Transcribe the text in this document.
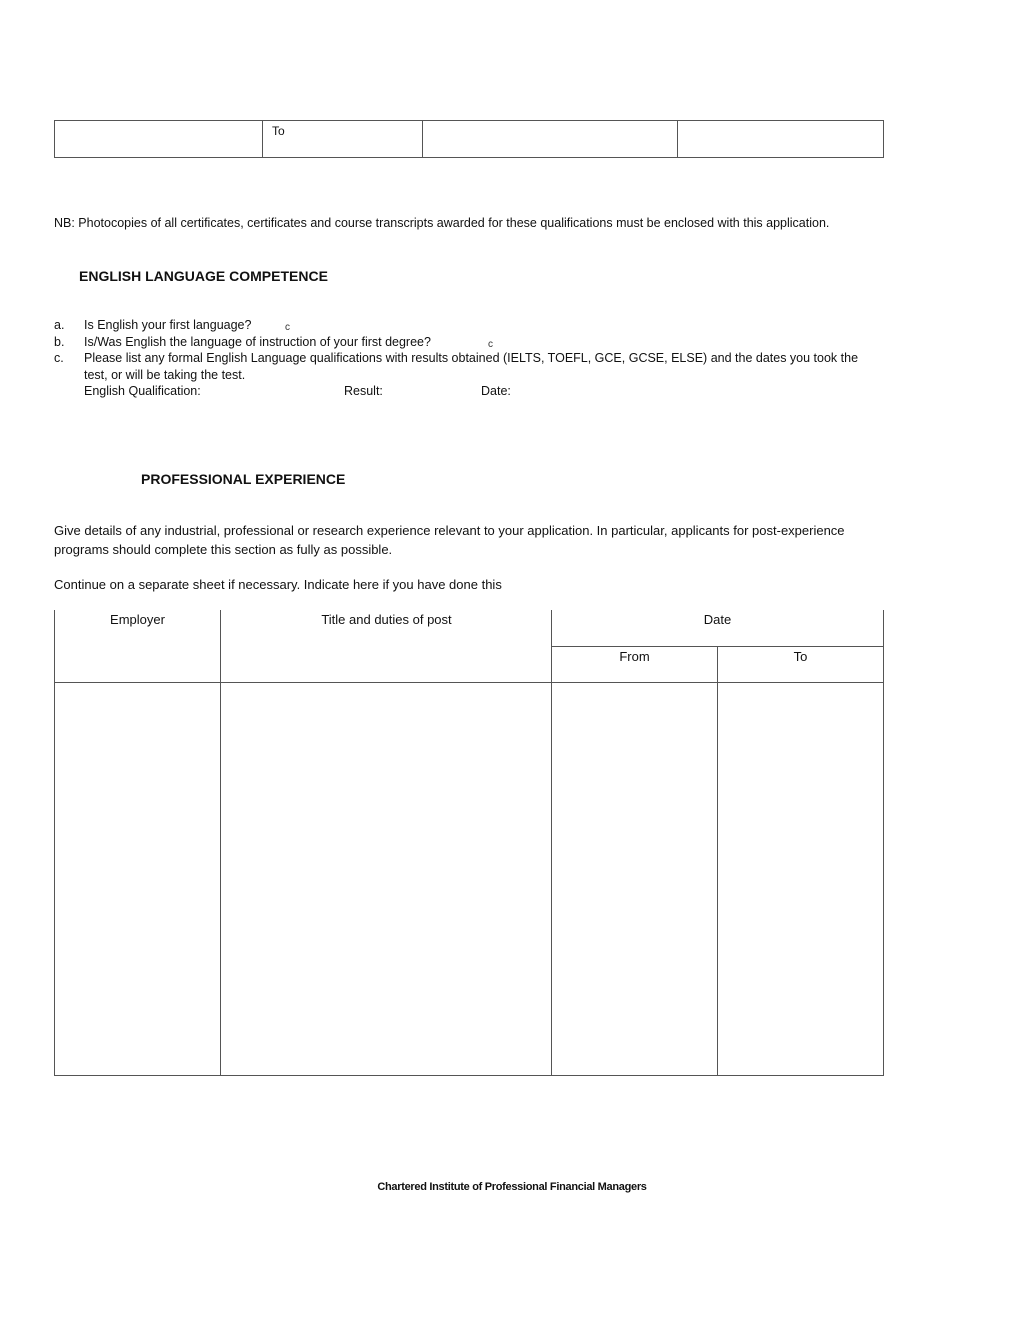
To
NB: Photocopies of all certificates, certificates and course transcripts awarded for these qualifications must be enclosed with this application.
ENGLISH LANGUAGE COMPETENCE
a. Is English your first language?	c
b. Is/Was English the language of instruction of your first degree?	c
c. Please list any formal English Language qualifications with results obtained (IELTS, TOEFL, GCE, GCSE, ELSE) and the dates you took the test, or will be taking the test.
English Qualification:	Result:	Date:
PROFESSIONAL EXPERIENCE
Give details of any industrial, professional or research experience relevant to your application. In particular, applicants for post-experience programs should complete this section as fully as possible.
Continue on a separate sheet if necessary. Indicate here if you have done this
Employer	Title and duties of post	Date
From	To
Chartered Institute of Professional Financial Managers
